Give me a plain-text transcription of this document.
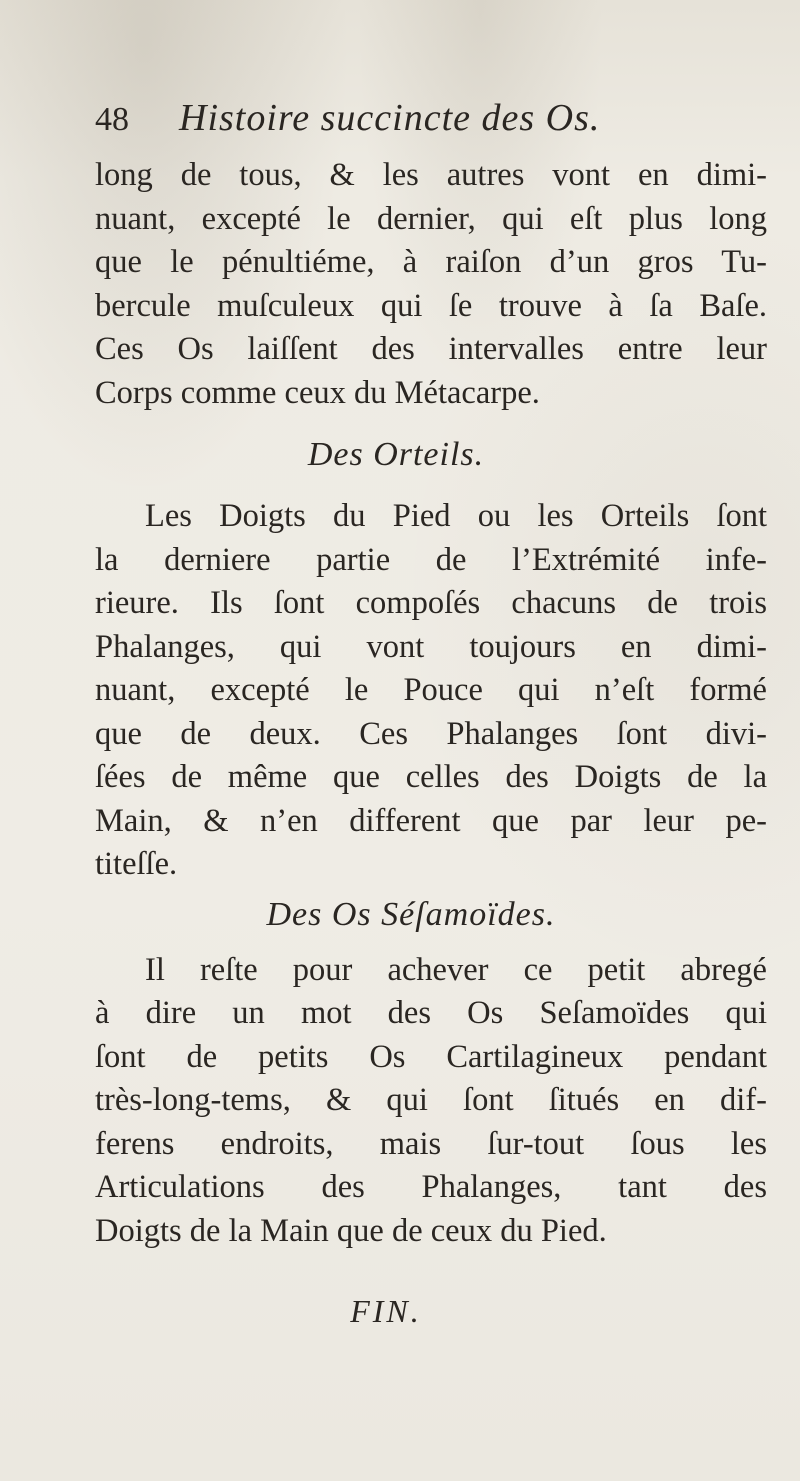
48	Histoire succincte des Os.
long de tous, & les autres vont en dimi-
nuant, excepté le dernier, qui eſt plus long
que le pénultiéme, à raiſon d’un gros Tu-
bercule muſculeux qui ſe trouve à ſa Baſe.
Ces Os laiſſent des intervalles entre leur
Corps comme ceux du Métacarpe.
Des Orteils.
Les Doigts du Pied ou les Orteils ſont
la derniere partie de l’Extrémité infe-
rieure. Ils ſont compoſés chacuns de trois
Phalanges, qui vont toujours en dimi-
nuant, excepté le Pouce qui n’eſt formé
que de deux. Ces Phalanges ſont divi-
ſées de même que celles des Doigts de la
Main, & n’en different que par leur pe-
titeſſe.
Des Os Séſamoïdes.
Il reſte pour achever ce petit abregé
à dire un mot des Os Seſamoïdes qui
ſont de petits Os Cartilagineux pendant
très-long-tems, & qui ſont ſitués en dif-
ferens endroits, mais ſur-tout ſous les
Articulations des Phalanges, tant des
Doigts de la Main que de ceux du Pied.
FIN.
